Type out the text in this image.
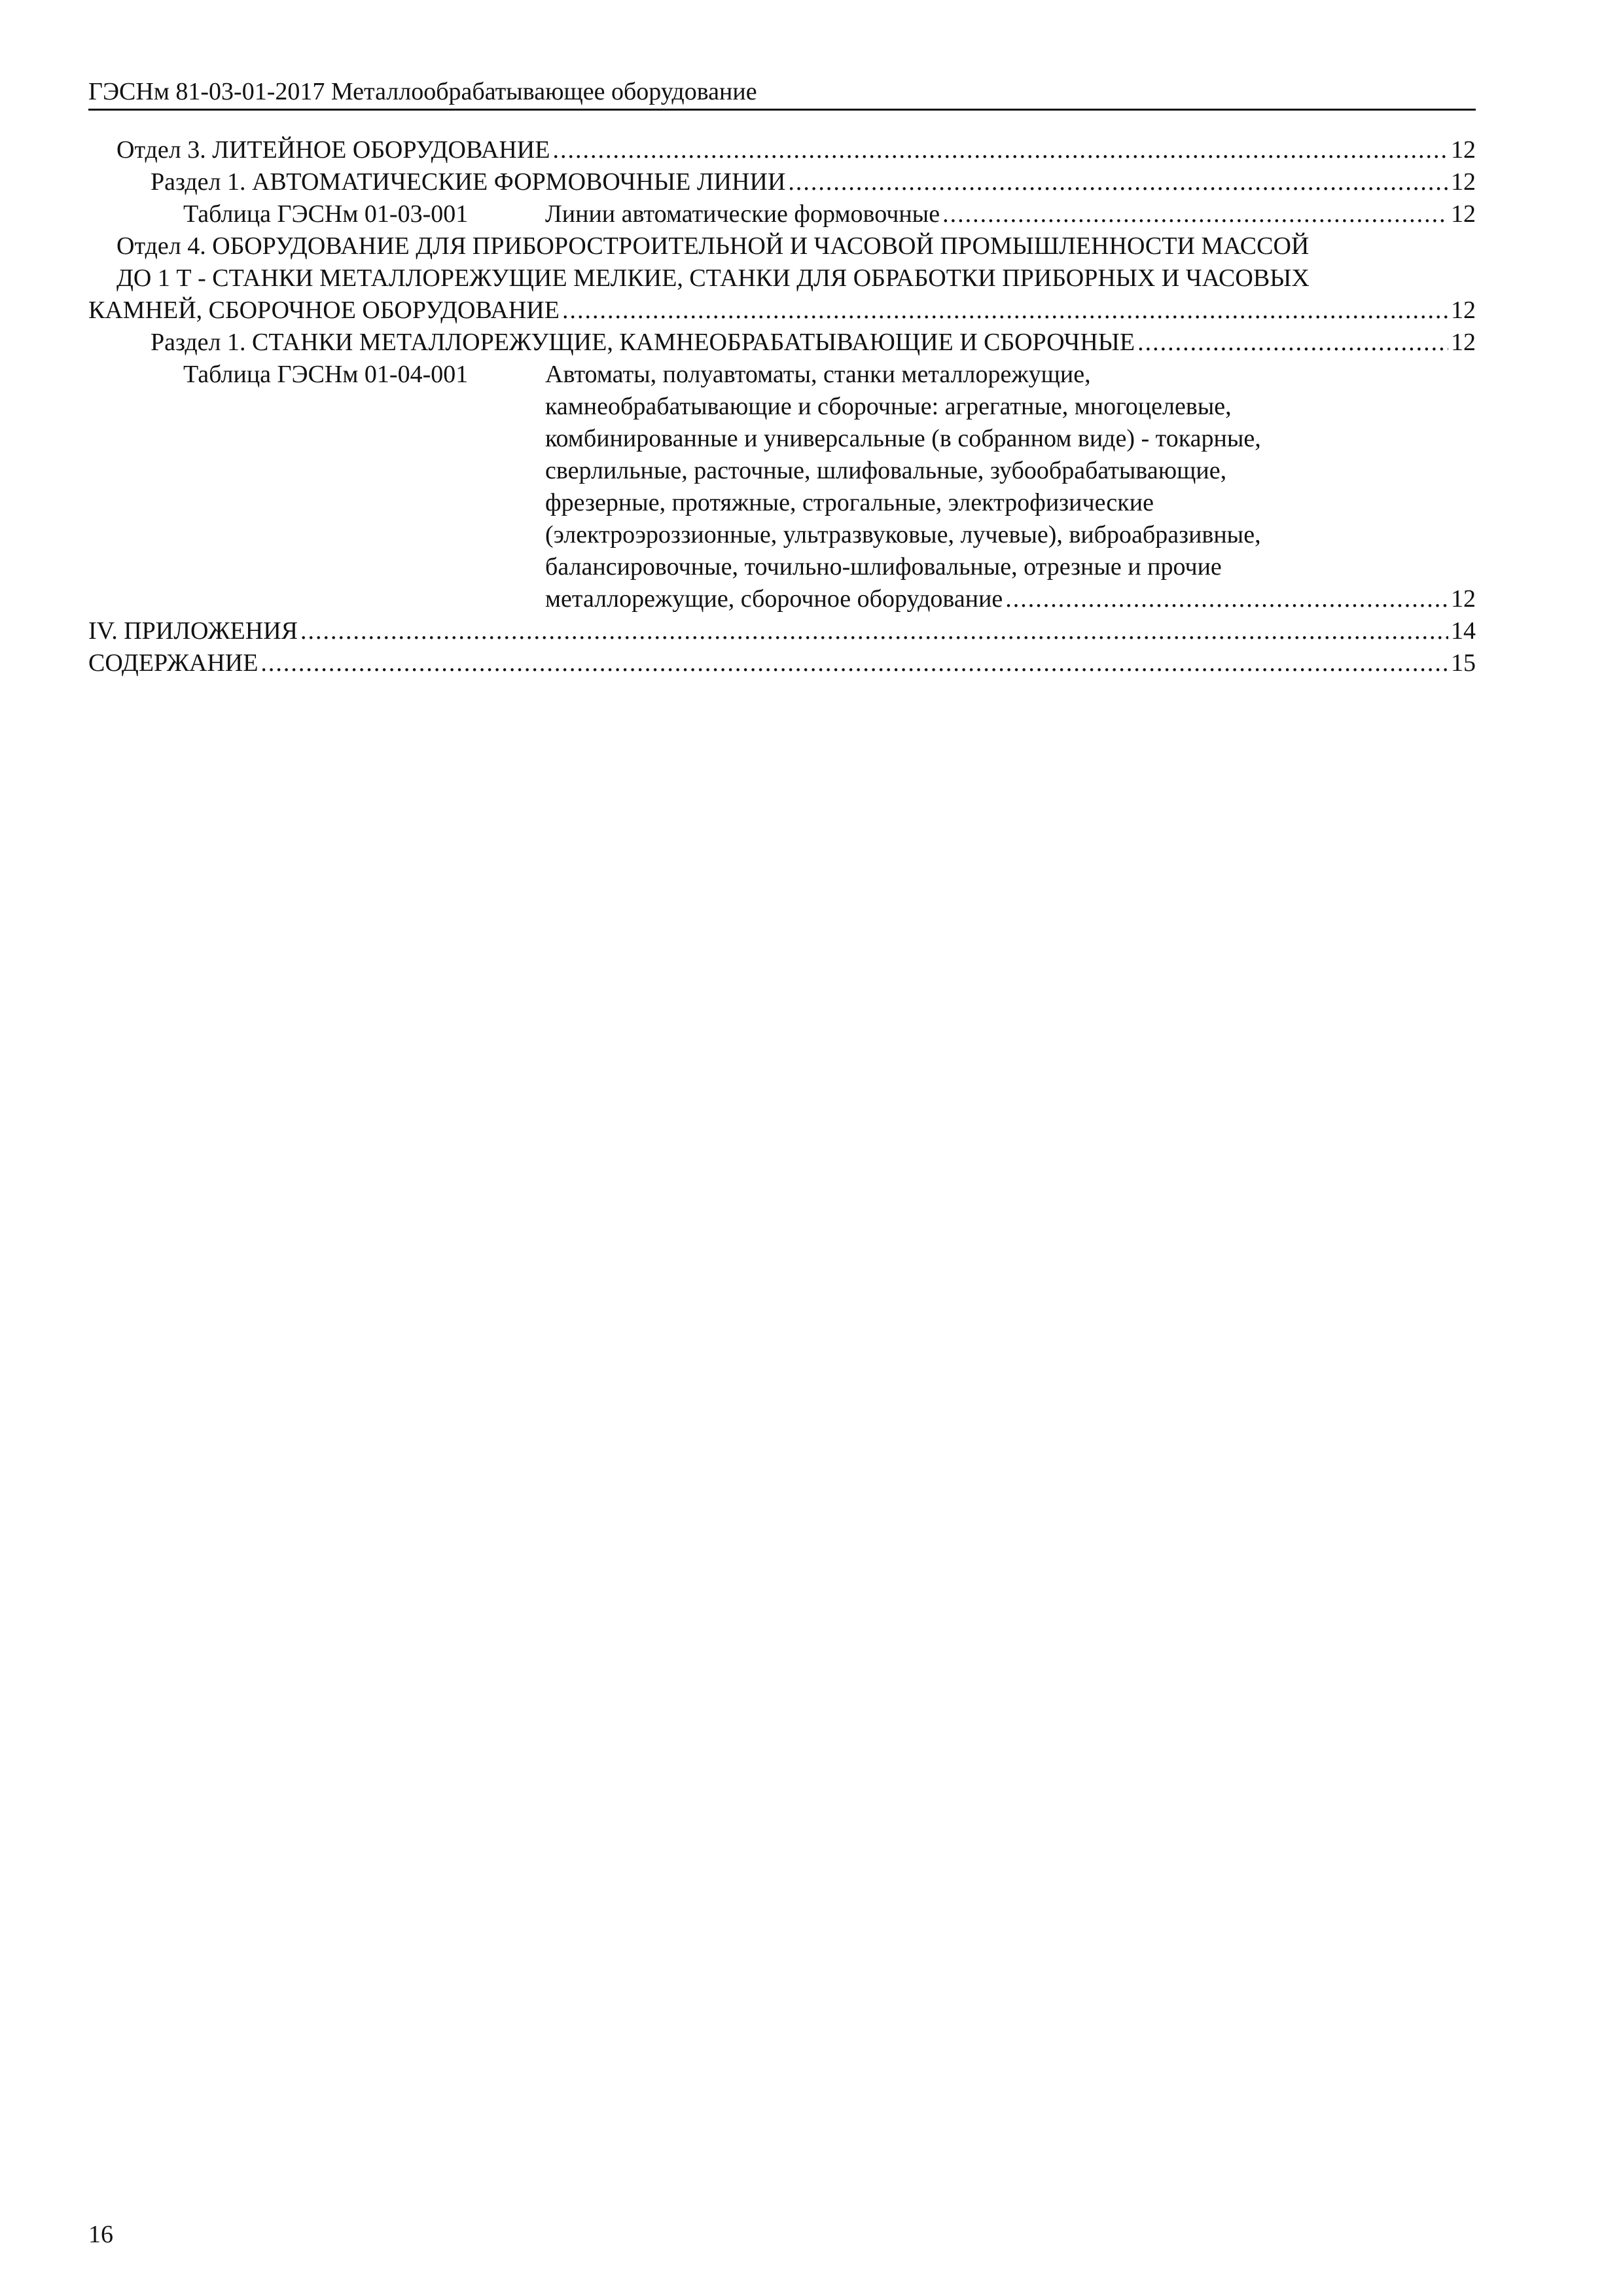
ГЭСНм 81-03-01-2017 Металлообрабатывающее оборудование
Отдел 3. ЛИТЕЙНОЕ ОБОРУДОВАНИЕ .....	12
Раздел 1. АВТОМАТИЧЕСКИЕ ФОРМОВОЧНЫЕ ЛИНИИ .....	12
Таблица ГЭСНм 01-03-001	Линии автоматические формовочные .....	12
Отдел 4. ОБОРУДОВАНИЕ ДЛЯ ПРИБОРОСТРОИТЕЛЬНОЙ И ЧАСОВОЙ ПРОМЫШЛЕННОСТИ МАССОЙ
ДО 1 Т - СТАНКИ МЕТАЛЛОРЕЖУЩИЕ МЕЛКИЕ, СТАНКИ ДЛЯ ОБРАБОТКИ ПРИБОРНЫХ И ЧАСОВЫХ
КАМНЕЙ, СБОРОЧНОЕ ОБОРУДОВАНИЕ .....	12
Раздел 1. СТАНКИ МЕТАЛЛОРЕЖУЩИЕ, КАМНЕОБРАБАТЫВАЮЩИЕ И СБОРОЧНЫЕ .....	12
Таблица ГЭСНм 01-04-001	Автоматы, полуавтоматы, станки металлорежущие,
камнеобрабатывающие и сборочные: агрегатные, многоцелевые,
комбинированные и универсальные (в собранном виде) - токарные,
сверлильные, расточные, шлифовальные, зубообрабатывающие,
фрезерные, протяжные, строгальные, электрофизические
(электроэроззионные, ультразвуковые, лучевые), виброабразивные,
балансировочные, точильно-шлифовальные, отрезные и прочие
металлорежущие, сборочное оборудование .....	12
IV. ПРИЛОЖЕНИЯ .....	14
СОДЕРЖАНИЕ .....	15
16
